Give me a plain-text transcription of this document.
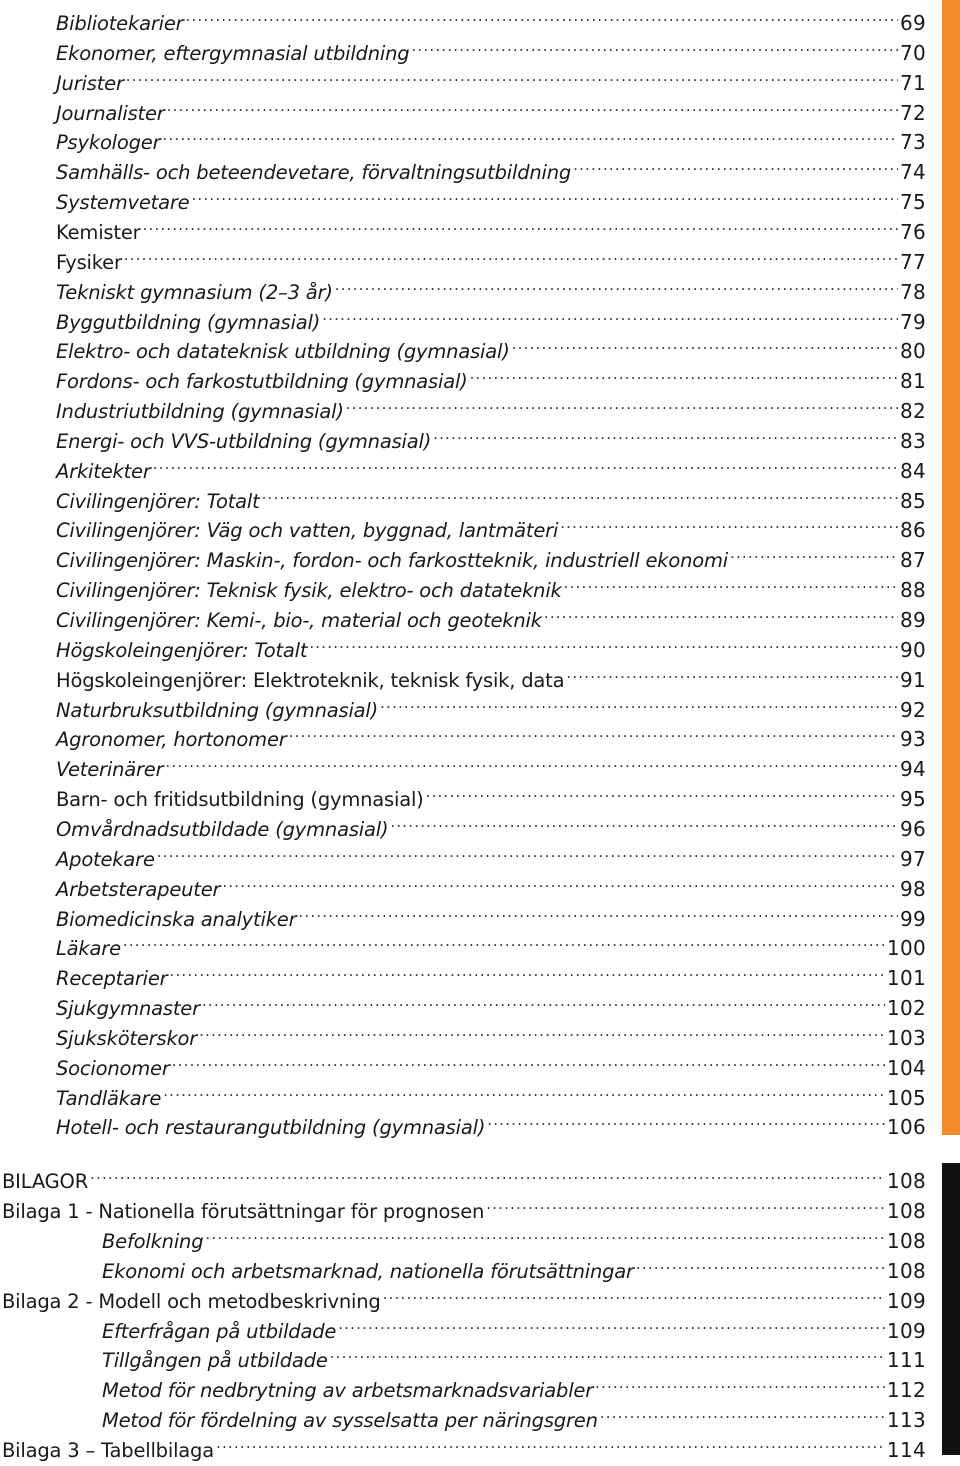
Bibliotekarier .....	69
Ekonomer, eftergymnasial utbildning .....	70
Jurister .....	71
Journalister .....	72
Psykologer .....	73
Samhälls- och beteendevetare, förvaltningsutbildning .....	74
Systemvetare .....	75
Kemister .....	76
Fysiker .....	77
Tekniskt gymnasium (2–3 år) .....	78
Byggutbildning (gymnasial) .....	79
Elektro- och datateknisk utbildning (gymnasial) .....	80
Fordons- och farkostutbildning (gymnasial) .....	81
Industriutbildning (gymnasial) .....	82
Energi- och VVS-utbildning (gymnasial) .....	83
Arkitekter .....	84
Civilingenjörer: Totalt .....	85
Civilingenjörer: Väg och vatten, byggnad, lantmäteri .....	86
Civilingenjörer: Maskin-, fordon- och farkostteknik, industriell ekonomi .....	87
Civilingenjörer: Teknisk fysik, elektro- och datateknik .....	88
Civilingenjörer: Kemi-, bio-, material och geoteknik .....	89
Högskoleingenjörer: Totalt .....	90
Högskoleingenjörer: Elektroteknik, teknisk fysik, data .....	91
Naturbruksutbildning (gymnasial) .....	92
Agronomer, hortonomer .....	93
Veterinärer .....	94
Barn- och fritidsutbildning (gymnasial) .....	95
Omvårdnadsutbildade (gymnasial) .....	96
Apotekare .....	97
Arbetsterapeuter .....	98
Biomedicinska analytiker .....	99
Läkare .....	100
Receptarier .....	101
Sjukgymnaster .....	102
Sjuksköterskor .....	103
Socionomer .....	104
Tandläkare .....	105
Hotell- och restaurangutbildning (gymnasial) .....	106
BILAGOR .....	108
Bilaga 1 - Nationella förutsättningar för prognosen .....	108
Befolkning .....	108
Ekonomi och arbetsmarknad, nationella förutsättningar .....	108
Bilaga 2 - Modell och metodbeskrivning .....	109
Efterfrågan på utbildade .....	109
Tillgången på utbildade .....	111
Metod för nedbrytning av arbetsmarknadsvariabler .....	112
Metod för fördelning av sysselsatta per näringsgren .....	113
Bilaga 3 – Tabellbilaga .....	114
